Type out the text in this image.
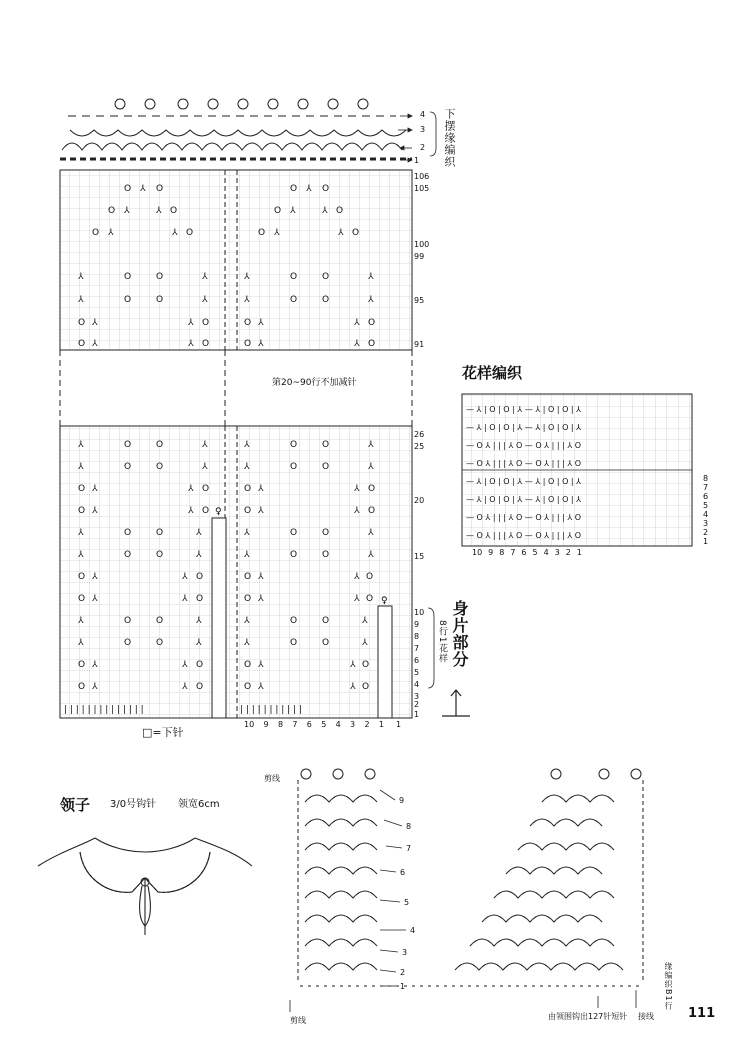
♀
♀
O ⅄ O	O ⅄ O
O ⅄	⅄ O	O ⅄	⅄ O
O ⅄	⅄ O	O ⅄	⅄ O
⅄	O	O	⅄	⅄	O	O	⅄
⅄	O	O	⅄	⅄	O	O	⅄
O ⅄	⅄ O	O ⅄	⅄ O
O ⅄	⅄ O	O ⅄	⅄ O
⅄	O	O	⅄	⅄	O	O	⅄
⅄	O	O	⅄	⅄	O	O	⅄
O ⅄	⅄ O	O ⅄	⅄ O
O ⅄	⅄ O	O ⅄	⅄ O
⅄	O	O	⅄	⅄	O	O	⅄
⅄	O	O	⅄	⅄	O	O	⅄
O ⅄	⅄ O	O ⅄	⅄ O
O ⅄	⅄ O	O ⅄	⅄ O
⅄	O	O	⅄	⅄	O	O	⅄
⅄	O	O	⅄	⅄	O	O	⅄
O ⅄	⅄ O	O ⅄	⅄ O
O ⅄	⅄ O	O ⅄	⅄ O
| | | | | | | | | | | | | |	| | | | | | | | | | |
— ⅄ | O | O | ⅄ — ⅄ | O | O | ⅄
— ⅄ | O | O | ⅄ — ⅄ | O | O | ⅄
— O ⅄ | | | ⅄ O — O ⅄ | | | ⅄ O
— O ⅄ | | | ⅄ O — O ⅄ | | | ⅄ O
— ⅄ | O | O | ⅄ — ⅄ | O | O | ⅄
— ⅄ | O | O | ⅄ — ⅄ | O | O | ⅄
— O ⅄ | | | ⅄ O — O ⅄ | | | ⅄ O
— O ⅄ | | | ⅄ O — O ⅄ | | | ⅄ O
下摆缘编织
4
3
2
1
106
105
100
99
95
91
第20~90行不加减针
26
25
20
15
10
9
8
7
6
5
4
3
2
1
8行1花样 身片部分
10 9 8 7 6 5 4 3 2 1 1
□=下针
花样编织
8
7
6
5
4
3
2
1
10 9 8 7 6 5 4 3 2 1
领子 3/0号钩针 领宽6cm
剪线
剪线
9
8
7
6
5
4
3
2
1	缘编织B1行
由领围钩出127针短针 接线	111
